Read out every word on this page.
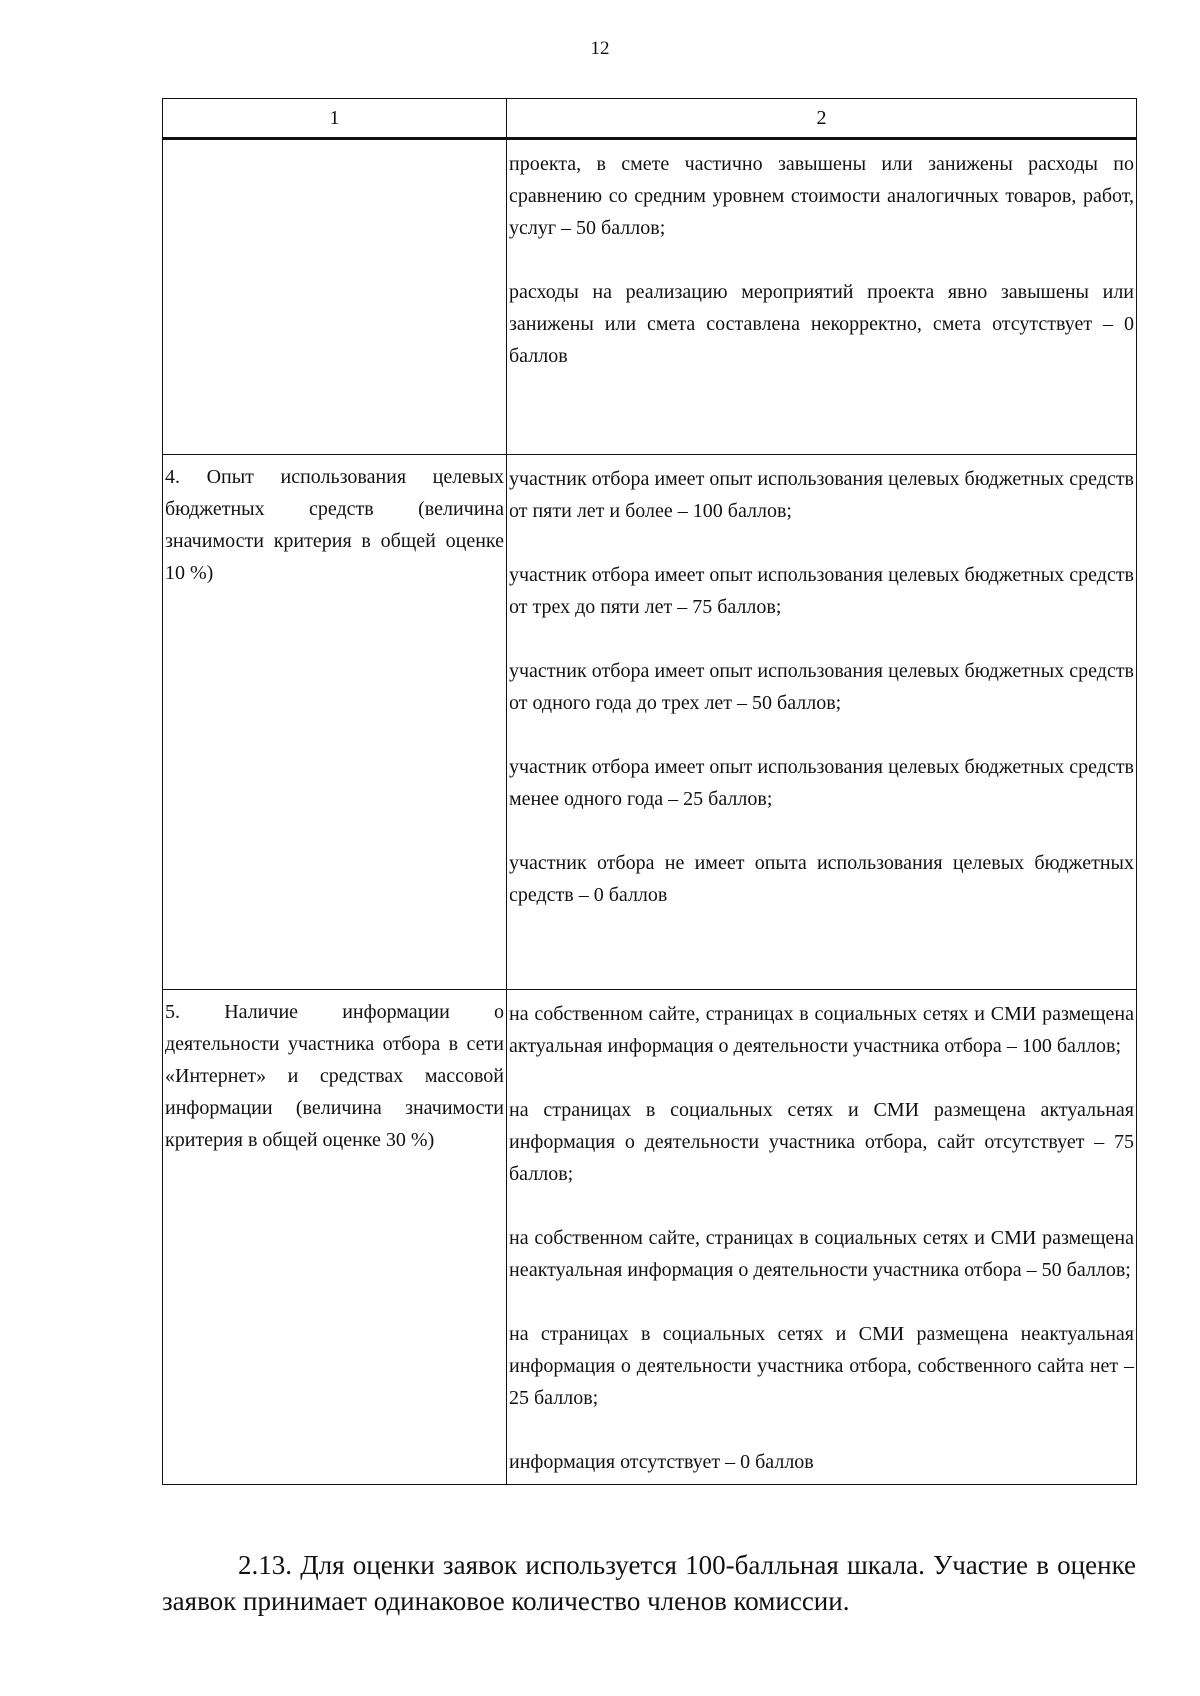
12
1	2

	проекта, в смете частично завышены или занижены расходы по сравнению со средним уровнем стоимости аналогичных товаров, работ, услуг – 50 баллов;

расходы на реализацию мероприятий проекта явно завышены или занижены или смета составлена некорректно, смета отсутствует – 0 баллов

4. Опыт использования целевых бюджетных средств (величина значимости критерия в общей оценке 10 %)	участник отбора имеет опыт использования целевых бюджетных средств от пяти лет и более – 100 баллов;

участник отбора имеет опыт использования целевых бюджетных средств от трех до пяти лет – 75 баллов;

участник отбора имеет опыт использования целевых бюджетных средств от одного года до трех лет – 50 баллов;

участник отбора имеет опыт использования целевых бюджетных средств менее одного года – 25 баллов;

участник отбора не имеет опыта использования целевых бюджетных средств – 0 баллов

5. Наличие информации о деятельности участника отбора в сети «Интернет» и средствах массовой информации (величина значимости критерия в общей оценке 30 %)	на собственном сайте, страницах в социальных сетях и СМИ размещена актуальная информация о деятельности участника отбора – 100 баллов;

на страницах в социальных сетях и СМИ размещена актуальная информация о деятельности участника отбора, сайт отсутствует – 75 баллов;

на собственном сайте, страницах в социальных сетях и СМИ размещена неактуальная информация о деятельности участника отбора – 50 баллов;

на страницах в социальных сетях и СМИ размещена неактуальная информация о деятельности участника отбора, собственного сайта нет – 25 баллов;

информация отсутствует – 0 баллов

2.13. Для оценки заявок используется 100-балльная шкала. Участие в оценке заявок принимает одинаковое количество членов комиссии.
